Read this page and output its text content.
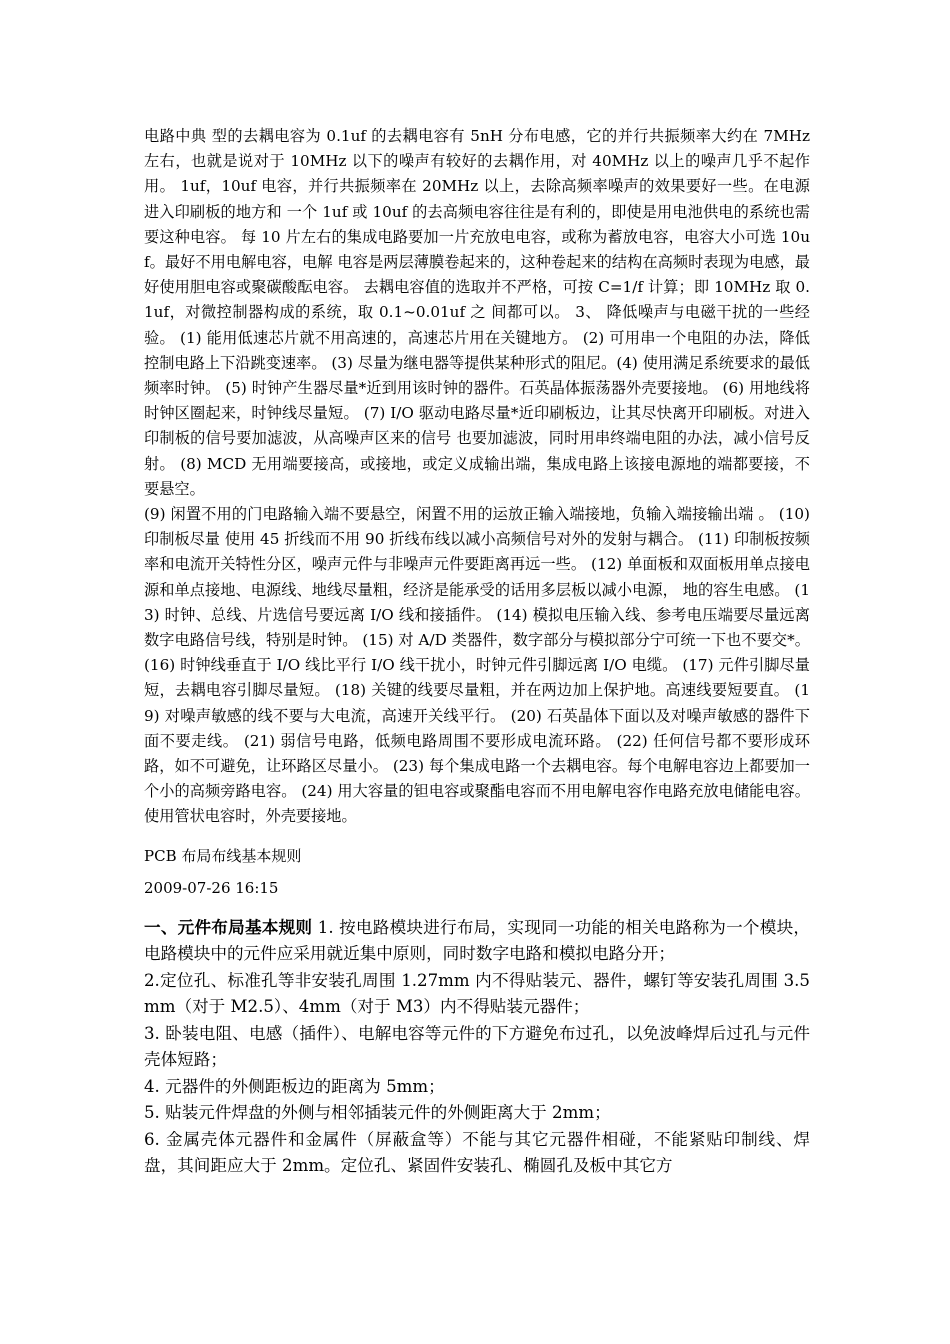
电路中典 型的去耦电容为 0.1uf 的去耦电容有 5nH 分布电感，它的并行共振频率大约在 7MHz 左右，也就是说对于 10MHz 以下的噪声有较好的去耦作用，对 40MHz 以上的噪声几乎不起作用。 1uf，10uf 电容，并行共振频率在 20MHz 以上，去除高频率噪声的效果要好一些。在电源进入印刷板的地方和 一个 1uf 或 10uf 的去高频电容往往是有利的，即使是用电池供电的系统也需要这种电容。 每 10 片左右的集成电路要加一片充放电电容，或称为蓄放电容，电容大小可选 10uf。最好不用电解电容，电解 电容是两层薄膜卷起来的，这种卷起来的结构在高频时表现为电感，最好使用胆电容或聚碳酸酝电容。 去耦电容值的选取并不严格，可按 C=1/f 计算；即 10MHz 取 0.1uf，对微控制器构成的系统，取 0.1~0.01uf 之 间都可以。 3、 降低噪声与电磁干扰的一些经验。 (1) 能用低速芯片就不用高速的，高速芯片用在关键地方。 (2) 可用串一个电阻的办法，降低控制电路上下沿跳变速率。 (3) 尽量为继电器等提供某种形式的阻尼。(4) 使用满足系统要求的最低频率时钟。 (5) 时钟产生器尽量*近到用该时钟的器件。石英晶体振荡器外壳要接地。 (6) 用地线将时钟区圈起来，时钟线尽量短。 (7) I/O 驱动电路尽量*近印刷板边，让其尽快离开印刷板。对进入印制板的信号要加滤波，从高噪声区来的信号 也要加滤波，同时用串终端电阻的办法，减小信号反射。 (8) MCD 无用端要接高，或接地，或定义成输出端，集成电路上该接电源地的端都要接，不要悬空。

(9) 闲置不用的门电路输入端不要悬空，闲置不用的运放正输入端接地，负输入端接输出端 。 (10) 印制板尽量 使用 45 折线而不用 90 折线布线以减小高频信号对外的发射与耦合。 (11) 印制板按频率和电流开关特性分区，噪声元件与非噪声元件要距离再远一些。 (12) 单面板和双面板用单点接电源和单点接地、电源线、地线尽量粗，经济是能承受的话用多层板以减小电源， 地的容生电感。 (13) 时钟、总线、片选信号要远离 I/O 线和接插件。 (14) 模拟电压输入线、参考电压端要尽量远离数字电路信号线，特别是时钟。 (15) 对 A/D 类器件，数字部分与模拟部分宁可统一下也不要交*。 (16) 时钟线垂直于 I/O 线比平行 I/O 线干扰小，时钟元件引脚远离 I/O 电缆。 (17) 元件引脚尽量短，去耦电容引脚尽量短。 (18) 关键的线要尽量粗，并在两边加上保护地。高速线要短要直。 (19) 对噪声敏感的线不要与大电流，高速开关线平行。 (20) 石英晶体下面以及对噪声敏感的器件下面不要走线。 (21) 弱信号电路，低频电路周围不要形成电流环路。 (22) 任何信号都不要形成环路，如不可避免，让环路区尽量小。 (23) 每个集成电路一个去耦电容。每个电解电容边上都要加一个小的高频旁路电容。 (24) 用大容量的钽电容或聚酯电容而不用电解电容作电路充放电储能电容。使用管状电容时，外壳要接地。

PCB 布局布线基本规则
2009-07-26 16:15

一、元件布局基本规则 1. 按电路模块进行布局，实现同一功能的相关电路称为一个模块，电路模块中的元件应采用就近集中原则，同时数字电路和模拟电路分开；

2.定位孔、标准孔等非安装孔周围 1.27mm 内不得贴装元、器件，螺钉等安装孔周围 3.5mm（对于 M2.5）、4mm（对于 M3）内不得贴装元器件；

3. 卧装电阻、电感（插件）、电解电容等元件的下方避免布过孔，以免波峰焊后过孔与元件壳体短路；

4. 元器件的外侧距板边的距离为 5mm；

5. 贴装元件焊盘的外侧与相邻插装元件的外侧距离大于 2mm；

6. 金属壳体元器件和金属件（屏蔽盒等）不能与其它元器件相碰，不能紧贴印制线、焊盘，其间距应大于 2mm。定位孔、紧固件安装孔、椭圆孔及板中其它方
